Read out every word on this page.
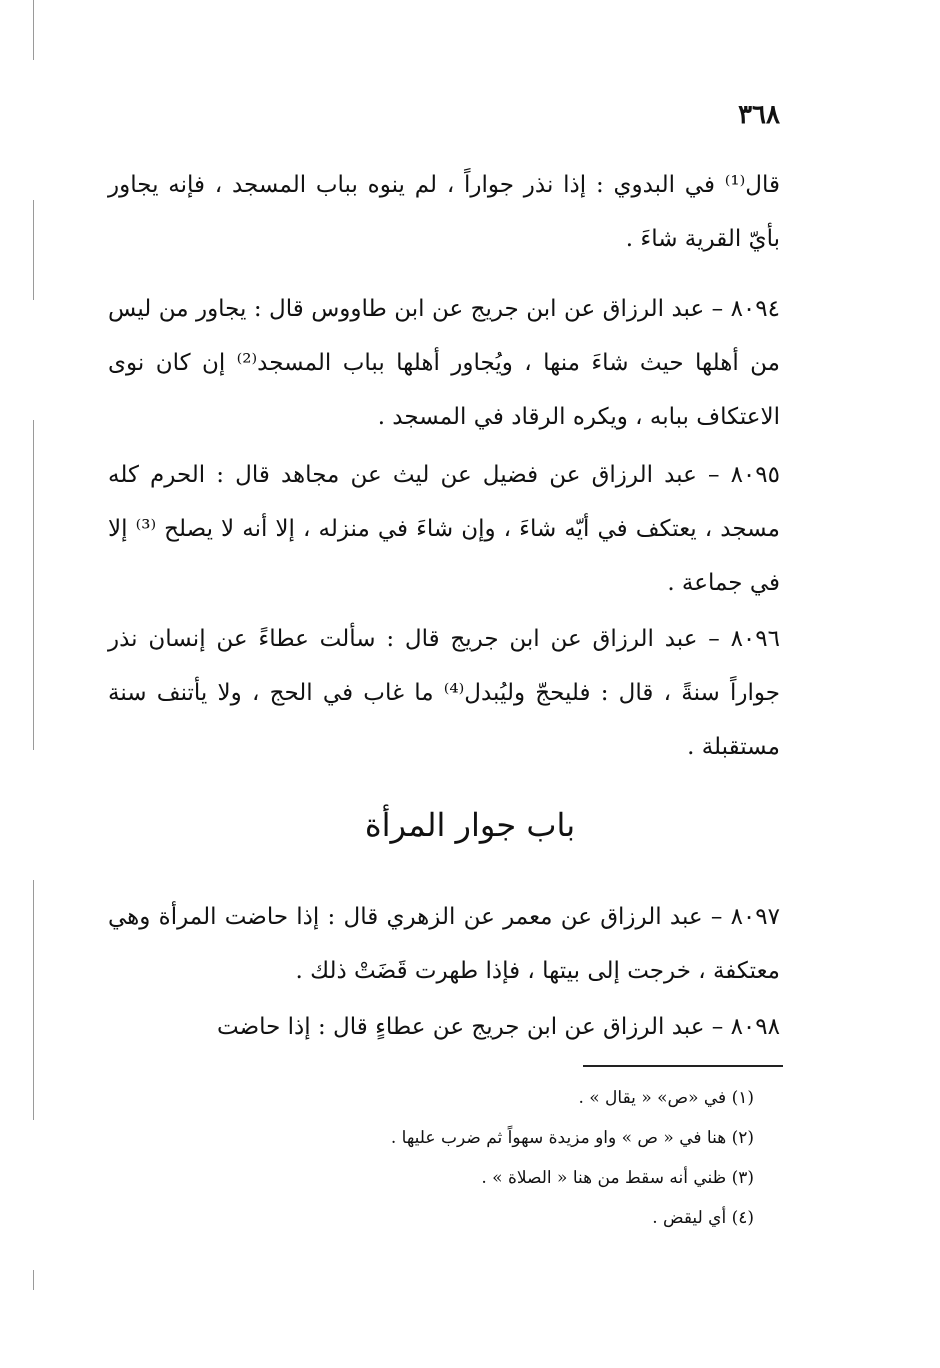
٣٦٨
قال⁽¹⁾ في البدوي : إذا نذر جواراً ، لم ينوه بباب المسجد ، فإنه يجاور بأيّ القرية شاءَ .
٨٠٩٤ – عبد الرزاق عن ابن جريج عن ابن طاووس قال : يجاور من ليس من أهلها حيث شاءَ منها ، ويُجاور أهلها بباب المسجد⁽²⁾ إن كان نوى الاعتكاف ببابه ، ويكره الرقاد في المسجد .
٨٠٩٥ – عبد الرزاق عن فضيل عن ليث عن مجاهد قال : الحرم كله مسجد ، يعتكف في أيّه شاءَ ، وإن شاءَ في منزله ، إلا أنه لا يصلح ⁽³⁾ إلا في جماعة .
٨٠٩٦ – عبد الرزاق عن ابن جريج قال : سألت عطاءً عن إنسان نذر جواراً سنةً ، قال : فليحجّ وليُبدل⁽⁴⁾ ما غاب في الحج ، ولا يأتنف سنة مستقبلة .
باب جوار المرأة
٨٠٩٧ – عبد الرزاق عن معمر عن الزهري قال : إذا حاضت المرأة وهي معتكفة ، خرجت إلى بيتها ، فإذا طهرت قَضَتْ ذلك .
٨٠٩٨ – عبد الرزاق عن ابن جريج عن عطاءٍ قال : إذا حاضت
(١) في «ص» « يقال » .
(٢) هنا في « ص » واو مزيدة سهواً ثم ضرب عليها .
(٣) ظني أنه سقط من هنا « الصلاة » .
(٤) أي ليقض .
